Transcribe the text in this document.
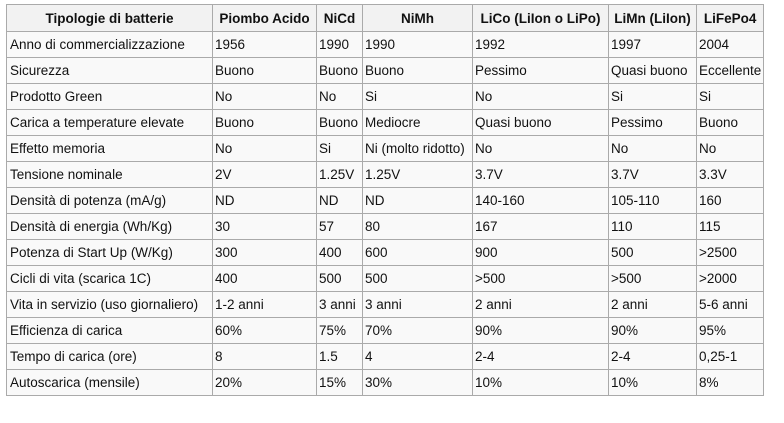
Tipologie di batterie	Piombo Acido	NiCd	NiMh	LiCo (LiIon o LiPo)	LiMn (LiIon)	LiFePo4
Anno di commercializzazione	1956	1990	1990	1992	1997	2004
Sicurezza	Buono	Buono	Buono	Pessimo	Quasi buono	Eccellente
Prodotto Green	No	No	Si	No	Si	Si
Carica a temperature elevate	Buono	Buono	Mediocre	Quasi buono	Pessimo	Buono
Effetto memoria	No	Si	Ni (molto ridotto)	No	No	No
Tensione nominale	2V	1.25V	1.25V	3.7V	3.7V	3.3V
Densità di potenza (mA/g)	ND	ND	ND	140-160	105-110	160
Densità di energia (Wh/Kg)	30	57	80	167	110	115
Potenza di Start Up (W/Kg)	300	400	600	900	500	>2500
Cicli di vita (scarica 1C)	400	500	500	>500	>500	>2000
Vita in servizio (uso giornaliero)	1-2 anni	3 anni	3 anni	2 anni	2 anni	5-6 anni
Efficienza di carica	60%	75%	70%	90%	90%	95%
Tempo di carica (ore)	8	1.5	4	2-4	2-4	0,25-1
Autoscarica (mensile)	20%	15%	30%	10%	10%	8%
